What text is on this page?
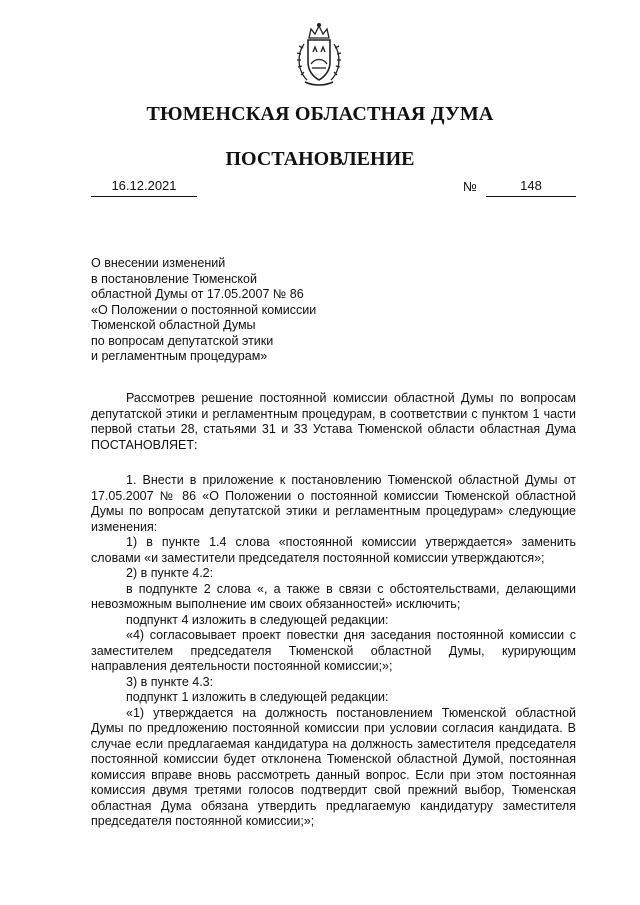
ТЮМЕНСКАЯ ОБЛАСТНАЯ ДУМА
ПОСТАНОВЛЕНИЕ
16.12.2021	№	148
О внесении изменений
в постановление Тюменской
областной Думы от 17.05.2007 № 86
«О Положении о постоянной комиссии
Тюменской областной Думы
по вопросам депутатской этики
и регламентным процедурам»

Рассмотрев решение постоянной комиссии областной Думы по вопросам депутатской этики и регламентным процедурам, в соответствии с пунктом 1 части первой статьи 28, статьями 31 и 33 Устава Тюменской области областная Дума ПОСТАНОВЛЯЕТ:

1. Внести в приложение к постановлению Тюменской областной Думы от 17.05.2007 № 86 «О Положении о постоянной комиссии Тюменской областной Думы по вопросам депутатской этики и регламентным процедурам» следующие изменения:

1) в пункте 1.4 слова «постоянной комиссии утверждается» заменить словами «и заместители председателя постоянной комиссии утверждаются»;

2) в пункте 4.2:

в подпункте 2 слова «, а также в связи с обстоятельствами, делающими невозможным выполнение им своих обязанностей» исключить;

подпункт 4 изложить в следующей редакции:

«4) согласовывает проект повестки дня заседания постоянной комиссии с заместителем председателя Тюменской областной Думы, курирующим направления деятельности постоянной комиссии;»;

3) в пункте 4.3:

подпункт 1 изложить в следующей редакции:

«1) утверждается на должность постановлением Тюменской областной Думы по предложению постоянной комиссии при условии согласия кандидата. В случае если предлагаемая кандидатура на должность заместителя председателя постоянной комиссии будет отклонена Тюменской областной Думой, постоянная комиссия вправе вновь рассмотреть данный вопрос. Если при этом постоянная комиссия двумя третями голосов подтвердит свой прежний выбор, Тюменская областная Дума обязана утвердить предлагаемую кандидатуру заместителя председателя постоянной комиссии;»;
